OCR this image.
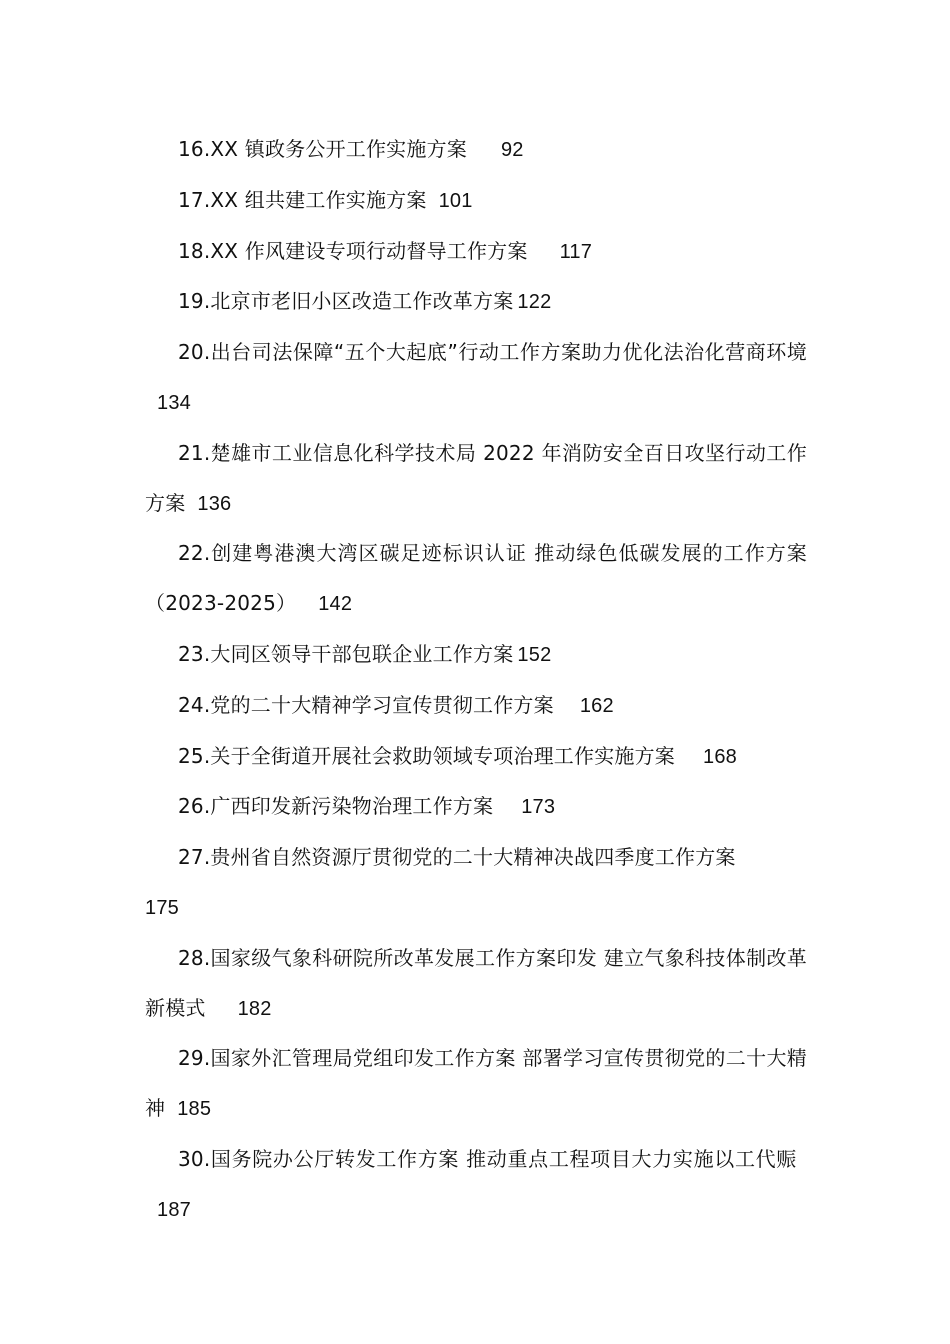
16.XX 镇政务公开工作实施方案 92

17.XX 组共建工作实施方案 101

18.XX 作风建设专项行动督导工作方案 117

19.北京市老旧小区改造工作改革方案 122

20.出台司法保障“五个大起底”行动工作方案助力优化法治化营商环境134

21.楚雄市工业信息化科学技术局 2022 年消防安全百日攻坚行动工作方案 136

22.创建粤港澳大湾区碳足迹标识认证 推动绿色低碳发展的工作方案（2023-2025） 142

23.大同区领导干部包联企业工作方案 152

24.党的二十大精神学习宣传贯彻工作方案 162

25.关于全街道开展社会救助领域专项治理工作实施方案 168

26.广西印发新污染物治理工作方案 173

27.贵州省自然资源厅贯彻党的二十大精神决战四季度工作方案
175

28.国家级气象科研院所改革发展工作方案印发 建立气象科技体制改革新模式 182

29.国家外汇管理局党组印发工作方案 部署学习宣传贯彻党的二十大精神 185

30.国务院办公厅转发工作方案 推动重点工程项目大力实施以工代赈187
